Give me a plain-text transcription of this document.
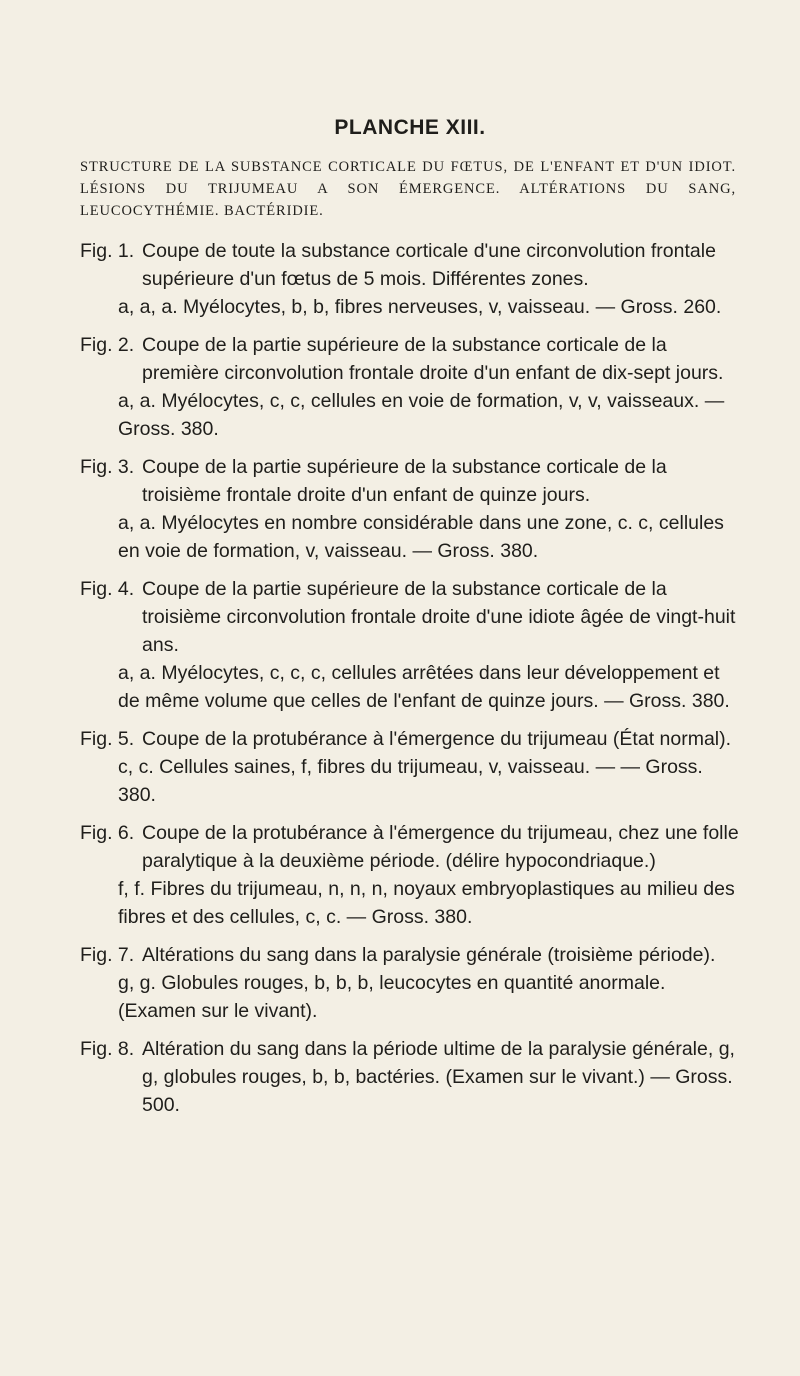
PLANCHE XIII.

STRUCTURE DE LA SUBSTANCE CORTICALE DU FŒTUS, DE L'ENFANT ET D'UN IDIOT. LÉSIONS DU TRIJUMEAU A SON ÉMERGENCE. ALTÉRATIONS DU SANG, LEUCOCYTHÉMIE. BACTÉRIDIE.

Fig. 1. Coupe de toute la substance corticale d'une circonvolution frontale supérieure d'un fœtus de 5 mois. Différentes zones.
a, a, a. Myélocytes, b, b, fibres nerveuses, v, vaisseau. — Gross. 260.
Fig. 2. Coupe de la partie supérieure de la substance corticale de la première circonvolution frontale droite d'un enfant de dix-sept jours.
a, a. Myélocytes, c, c, cellules en voie de formation, v, v, vaisseaux. — Gross. 380.
Fig. 3. Coupe de la partie supérieure de la substance corticale de la troisième frontale droite d'un enfant de quinze jours.
a, a. Myélocytes en nombre considérable dans une zone, c. c, cellules en voie de formation, v, vaisseau. — Gross. 380.
Fig. 4. Coupe de la partie supérieure de la substance corticale de la troisième circonvolution frontale droite d'une idiote âgée de vingt-huit ans.
a, a. Myélocytes, c, c, c, cellules arrêtées dans leur développement et de même volume que celles de l'enfant de quinze jours. — Gross. 380.
Fig. 5. Coupe de la protubérance à l'émergence du trijumeau (État normal).
c, c. Cellules saines, f, fibres du trijumeau, v, vaisseau. — — Gross. 380.
Fig. 6. Coupe de la protubérance à l'émergence du trijumeau, chez une folle paralytique à la deuxième période. (délire hypocondriaque.)
f, f. Fibres du trijumeau, n, n, n, noyaux embryoplastiques au milieu des fibres et des cellules, c, c. — Gross. 380.
Fig. 7. Altérations du sang dans la paralysie générale (troisième période).
g, g. Globules rouges, b, b, b, leucocytes en quantité anormale. (Examen sur le vivant).
Fig. 8. Altération du sang dans la période ultime de la paralysie générale, g, g, globules rouges, b, b, bactéries. (Examen sur le vivant.) — Gross. 500.
